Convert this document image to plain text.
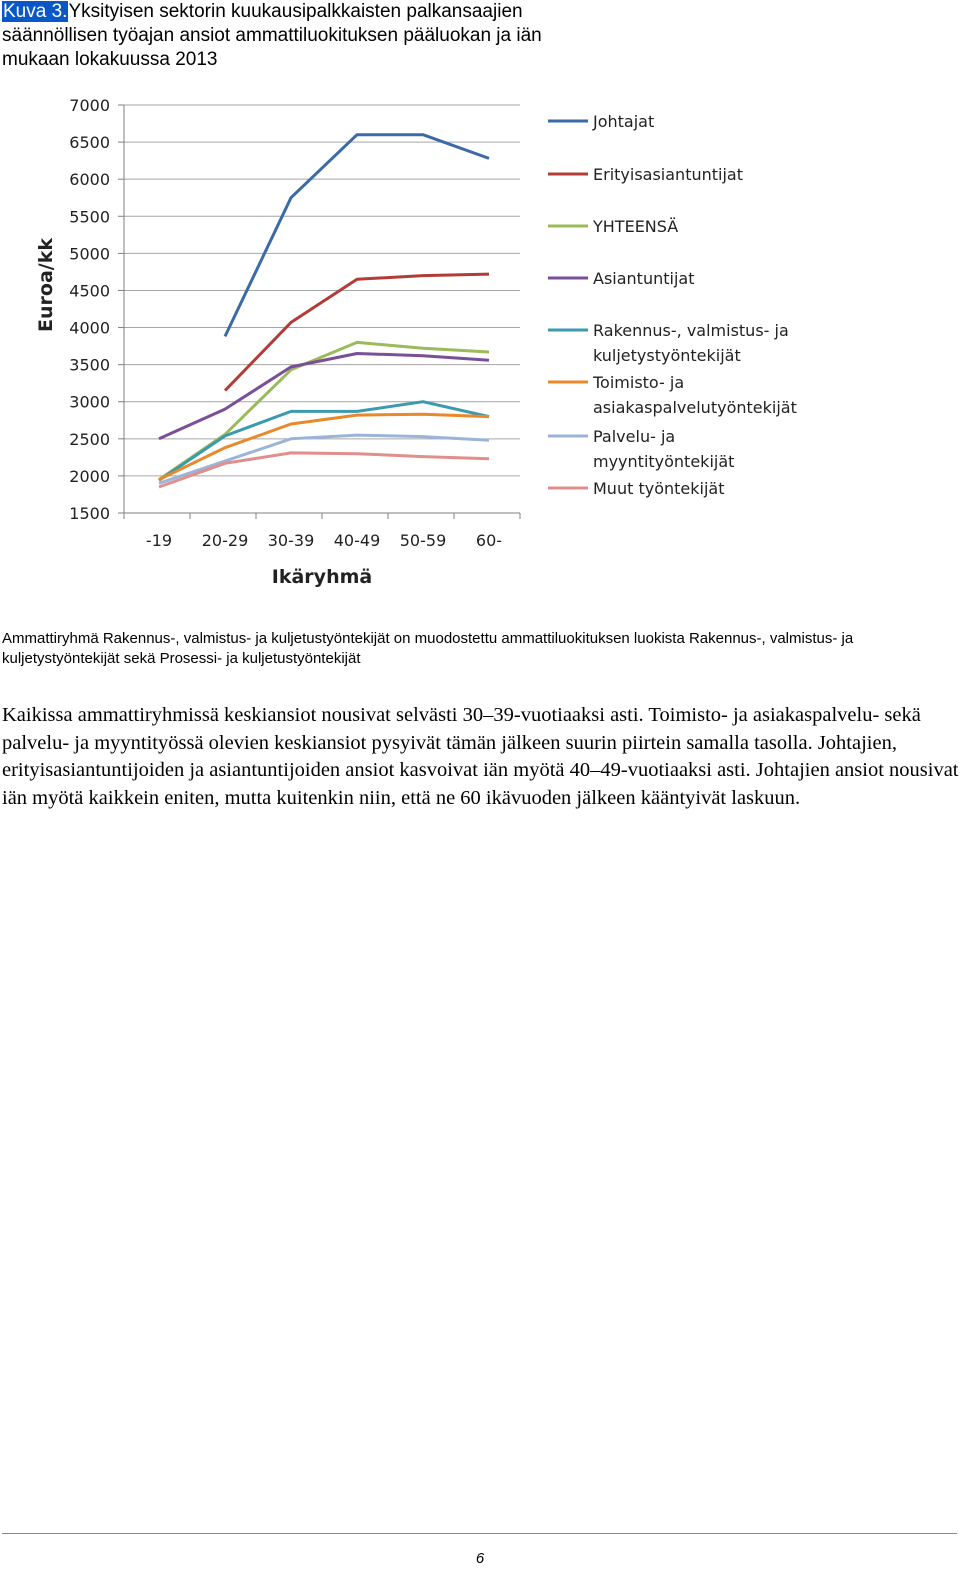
Kuva 3.Yksityisen sektorin kuukausipalkkaisten palkansaajien
säännöllisen työajan ansiot ammattiluokituksen pääluokan ja iän
mukaan lokakuussa 2013
1500
2000
2500
3000
3500
4000
4500
5000
5500
6000
6500
7000
-19 20-29 30-39 40-49 50-59 60-
Ikäryhmä
Euroa/kk
Johtajat
Erityisasiantuntijat
YHTEENSÄ
Asiantuntijat
Rakennus-, valmistus- ja
kuljetystyöntekijät
Toimisto- ja
asiakaspalvelutyöntekijät
Palvelu- ja
myyntityöntekijät
Muut työntekijät
Ammattiryhmä Rakennus-, valmistus- ja kuljetustyöntekijät on muodostettu ammattiluokituksen luokista Rakennus-, valmistus- ja kuljetystyöntekijät sekä Prosessi- ja kuljetustyöntekijät
Kaikissa ammattiryhmissä keskiansiot nousivat selvästi 30–39-vuotiaaksi asti. Toimisto- ja asiakaspalvelu- sekä palvelu- ja myyntityössä olevien keskiansiot pysyivät tämän jälkeen suurin piirtein samalla tasolla. Johtajien, erityisasiantuntijoiden ja asiantuntijoiden ansiot kasvoivat iän myötä 40–49-vuotiaaksi asti. Johtajien ansiot nousivat iän myötä kaikkein eniten, mutta kuitenkin niin, että ne 60 ikävuoden jälkeen kääntyivät laskuun.
6
